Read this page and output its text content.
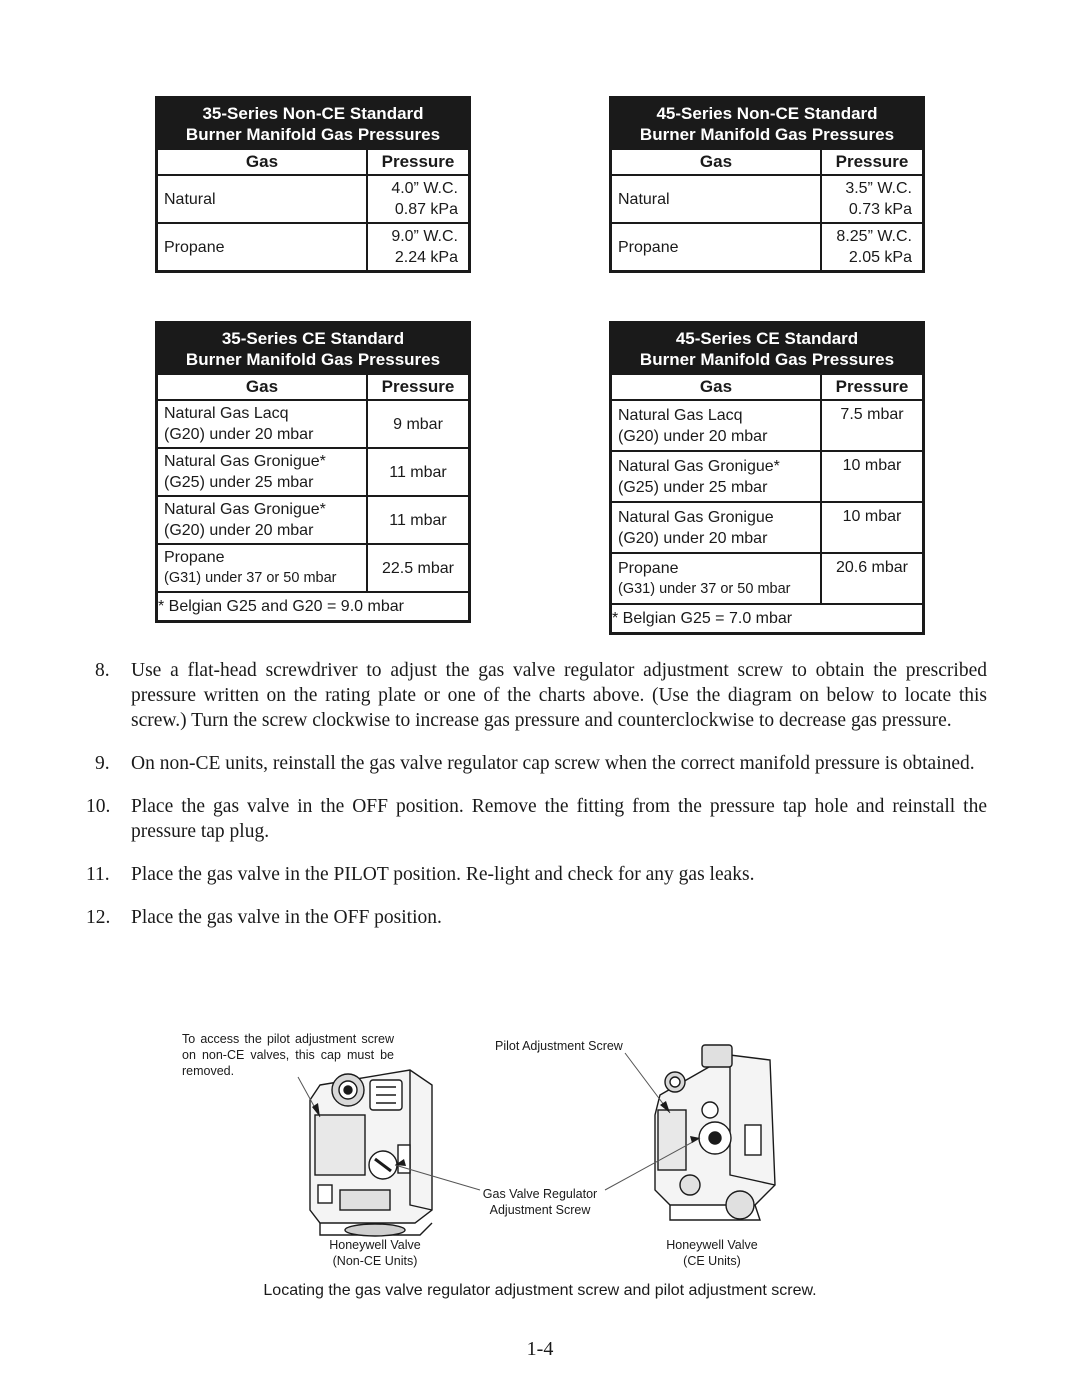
35-Series Non-CE Standard
Burner Manifold Gas Pressures
Gas	Pressure
Natural	4.0” W.C.
0.87 kPa

Propane	9.0” W.C.
2.24 kPa
45-Series Non-CE Standard
Burner Manifold Gas Pressures
Gas	Pressure
Natural	3.5” W.C.
0.73 kPa

Propane	8.25” W.C.
2.05 kPa
35-Series CE Standard
Burner Manifold Gas Pressures
Gas	Pressure

Natural Gas Lacq
(G20) under 20 mbar	9 mbar

Natural Gas Gronigue*
(G25) under 25 mbar	11 mbar

Natural Gas Gronigue*
(G20) under 20 mbar	11 mbar

Propane
(G31) under 37 or 50 mbar	22.5 mbar
* Belgian G25 and G20 = 9.0 mbar	
45-Series CE Standard
Burner Manifold Gas Pressures
Gas	Pressure

Natural Gas Lacq
(G20) under 20 mbar	7.5 mbar

Natural Gas Gronigue*
(G25) under 25 mbar	10 mbar

Natural Gas Gronigue
(G20) under 20 mbar	10 mbar

Propane
(G31) under 37 or 50 mbar	20.6 mbar
* Belgian G25 = 7.0 mbar	
8. Use a flat-head screwdriver to adjust the gas valve regulator adjustment screw to obtain the prescribed pressure written on the rating plate or one of the charts above. (Use the diagram on below to locate this screw.) Turn the screw clockwise to increase gas pressure and counterclockwise to decrease gas pressure.
9. On non-CE units, reinstall the gas valve regulator cap screw when the correct manifold pressure is obtained.
10. Place the gas valve in the OFF position. Remove the fitting from the pressure tap hole and reinstall the pressure tap plug.
11. Place the gas valve in the PILOT position. Re-light and check for any gas leaks.
12. Place the gas valve in the OFF position.
To access the pilot adjustment screw on non-CE valves, this cap must be removed.
Pilot Adjustment Screw
Gas Valve Regulator
Adjustment Screw
Honeywell Valve
(Non-CE Units)
Honeywell Valve
(CE Units)
Locating the gas valve regulator adjustment screw and pilot adjustment screw.
1-4
